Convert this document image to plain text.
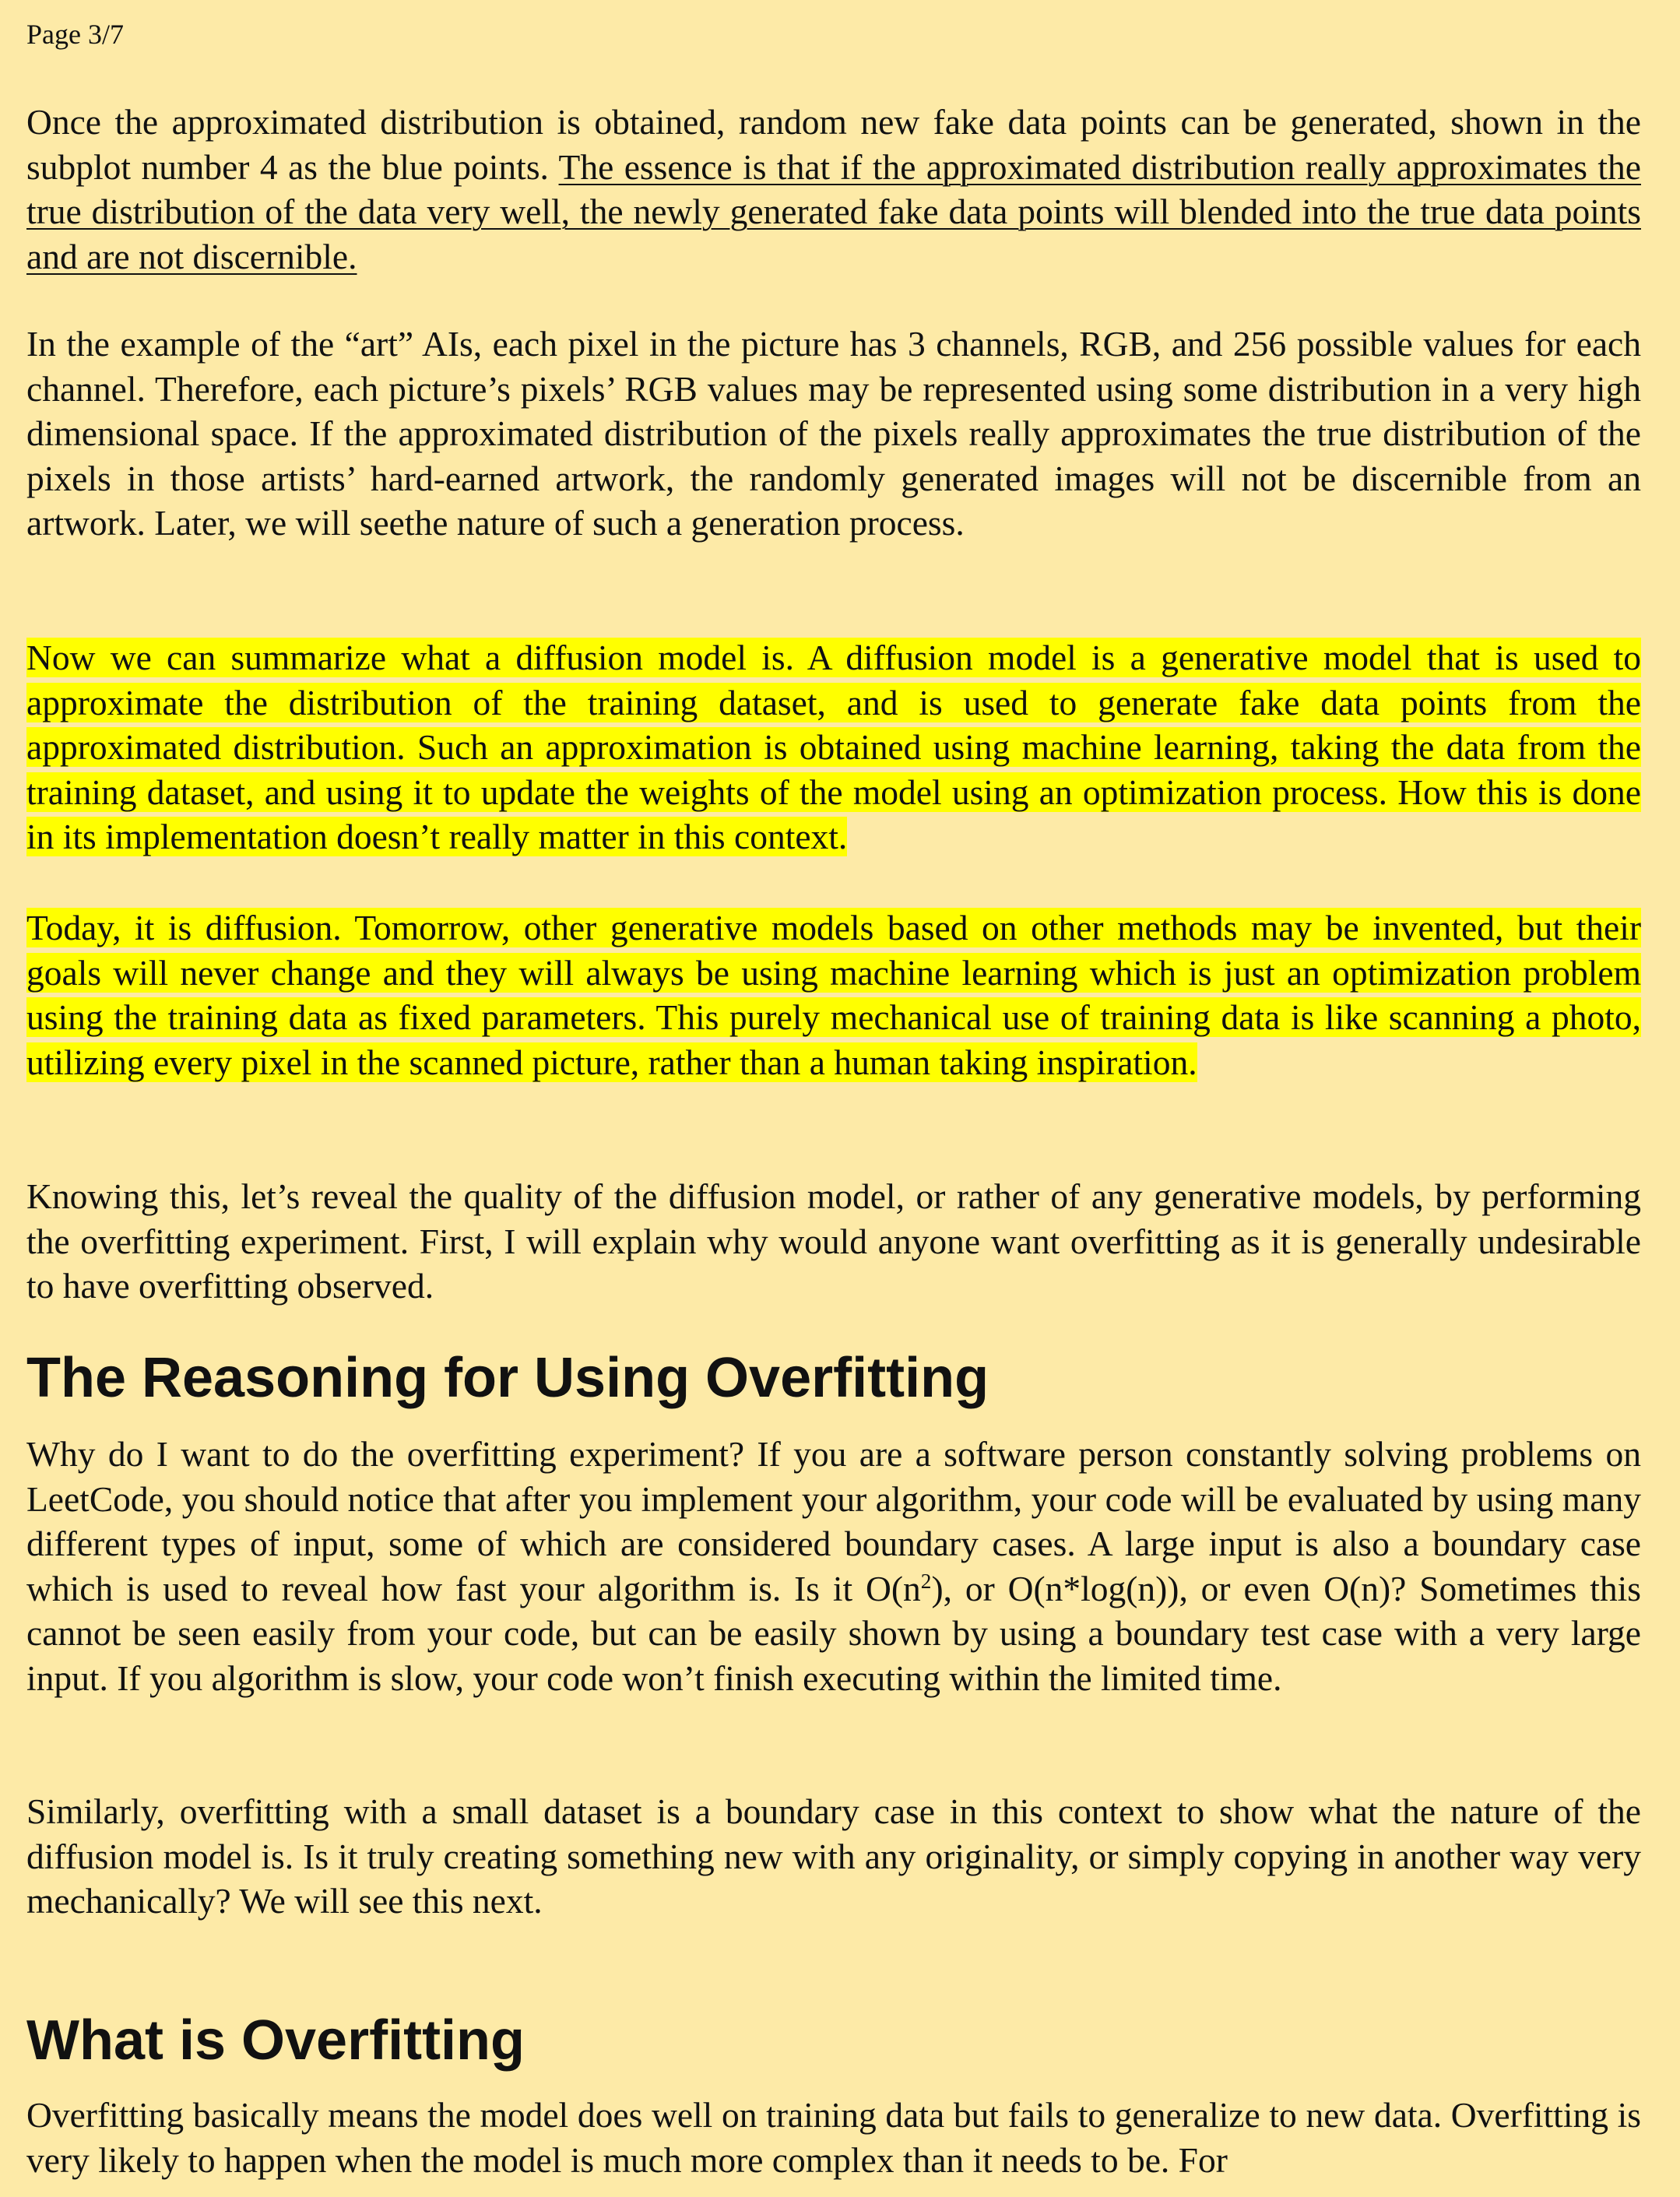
Page 3/7

Once the approximated distribution is obtained, random new fake data points can be generated, shown in the subplot number 4 as the blue points. The essence is that if the approximated distribution really approximates the true distribution of the data very well, the newly generated fake data points will blended into the true data points and are not discernible.

In the example of the “art” AIs, each pixel in the picture has 3 channels, RGB, and 256 possible values for each channel. Therefore, each picture’s pixels’ RGB values may be represented using some distribution in a very high dimensional space. If the approximated distribution of the pixels really approximates the true distribution of the pixels in those artists’ hard-earned artwork, the randomly generated images will not be discernible from an artwork. Later, we will seethe nature of such a generation process.

Now we can summarize what a diffusion model is. A diffusion model is a generative model that is used to approximate the distribution of the training dataset, and is used to generate fake data points from the approximated distribution. Such an approximation is obtained using machine learning, taking the data from the training dataset, and using it to update the weights of the model using an optimization process. How this is done in its implementation doesn’t really matter in this context.

Today, it is diffusion. Tomorrow, other generative models based on other methods may be invented, but their goals will never change and they will always be using machine learning which is just an optimization problem using the training data as fixed parameters. This purely mechanical use of training data is like scanning a photo, utilizing every pixel in the scanned picture, rather than a human taking inspiration.

Knowing this, let’s reveal the quality of the diffusion model, or rather of any generative models, by performing the overfitting experiment. First, I will explain why would anyone want overfitting as it is generally undesirable to have overfitting observed.

The Reasoning for Using Overfitting

Why do I want to do the overfitting experiment? If you are a software person constantly solving problems on LeetCode, you should notice that after you implement your algorithm, your code will be evaluated by using many different types of input, some of which are considered boundary cases. A large input is also a boundary case which is used to reveal how fast your algorithm is. Is it $O(n^2)$, or O(n*log(n)), or even O(n)? Sometimes this cannot be seen easily from your code, but can be easily shown by using a boundary test case with a very large input. If you algorithm is slow, your code won’t finish executing within the limited time.

Similarly, overfitting with a small dataset is a boundary case in this context to show what the nature of the diffusion model is. Is it truly creating something new with any originality, or simply copying in another way very mechanically? We will see this next.

What is Overfitting

Overfitting basically means the model does well on training data but fails to generalize to new data. Overfitting is very likely to happen when the model is much more complex than it needs to be. For
